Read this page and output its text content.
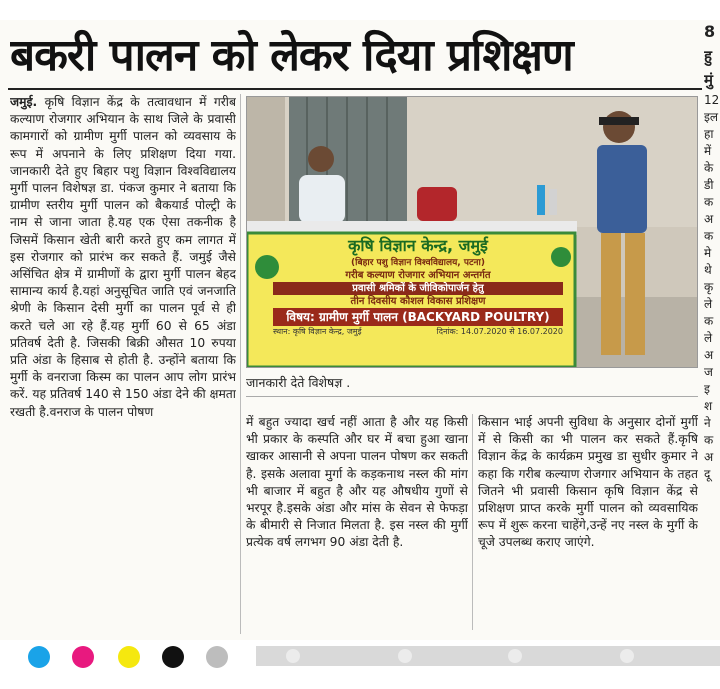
बकरी पालन को लेकर दिया प्रशिक्षण
जमुई. कृषि विज्ञान केंद्र के तत्वावधान में गरीब कल्याण रोजगार अभियान के साथ जिले के प्रवासी कामगारों को ग्रामीण मुर्गी पालन को व्यवसाय के रूप में अपनाने के लिए प्रशिक्षण दिया गया. जानकारी देते हुए बिहार पशु विज्ञान विश्वविद्यालय मुर्गी पालन विशेषज्ञ डा. पंकज कुमार ने बताया कि ग्रामीण स्तरीय मुर्गी पालन को बैकयार्ड पोल्ट्री के नाम से जाना जाता है.यह एक ऐसा तकनीक है जिसमें किसान खेती बारी करते हुए कम लागत में इस रोजगार को प्रारंभ कर सकते हैं. जमुई जैसे असिंचित क्षेत्र में ग्रामीणों के द्वारा मुर्गी पालन बेहद सामान्य कार्य है.यहां अनुसूचित जाति एवं जनजाति श्रेणी के किसान देसी मुर्गी का पालन पूर्व से ही करते चले आ रहे हैं.यह मुर्गी 60 से 65 अंडा प्रतिवर्ष देती है. जिसकी बिक्री औसत 10 रुपया प्रति अंडा के हिसाब से होती है. उन्होंने बताया कि मुर्गी के वनराजा किस्म का पालन आप लोग प्रारंभ करें. यह प्रतिवर्ष 140 से 150 अंडा देने की क्षमता रखती है.वनराज के पालन पोषण
कृषि विज्ञान केन्द्र, जमुई
(बिहार पशु विज्ञान विश्वविद्यालय, पटना)
गरीब कल्याण रोजगार अभियान अन्तर्गत
प्रवासी श्रमिकों के जीविकोपार्जन हेतु
तीन दिवसीय कौशल विकास प्रशिक्षण
विषय: ग्रामीण मुर्गी पालन (BACKYARD POULTRY)
स्थान: कृषि विज्ञान केन्द्र, जमुई	दिनांक: 14.07.2020 से 16.07.2020
जानकारी देते विशेषज्ञ .
में बहुत ज्यादा खर्च नहीं आता है और यह किसी भी प्रकार के कस्पति और घर में बचा हुआ खाना खाकर आसानी से अपना पालन पोषण कर सकती है. इसके अलावा मुर्गा के कड़कनाथ नस्ल की मांग भी बाजार में बहुत है और यह औषधीय गुणों से भरपूर है.इसके अंडा और मांस के सेवन से फेफड़ा के बीमारी से निजात मिलता है. इस नस्ल की मुर्गी प्रत्येक वर्ष लगभग 90 अंडा देती है.
किसान भाई अपनी सुविधा के अनुसार दोनों मुर्गी में से किसी का भी पालन कर सकते हैं.कृषि विज्ञान केंद्र के कार्यक्रम प्रमुख डा सुधीर कुमार ने कहा कि गरीब कल्याण रोजगार अभियान के तहत जितने भी प्रवासी किसान कृषि विज्ञान केंद्र से प्रशिक्षण प्राप्त करके मुर्गी पालन को व्यवसायिक रूप में शुरू करना चाहेंगे,उन्हें नए नस्ल के मुर्गी के चूजे उपलब्ध कराए जाएंगे.
8
हु
मुं
12
इल
हा
में
के
डी
क
अ
क
मे
थे
कृ
ले
क
ले
अ
ज
इ
श
ने
क
अ
दू
